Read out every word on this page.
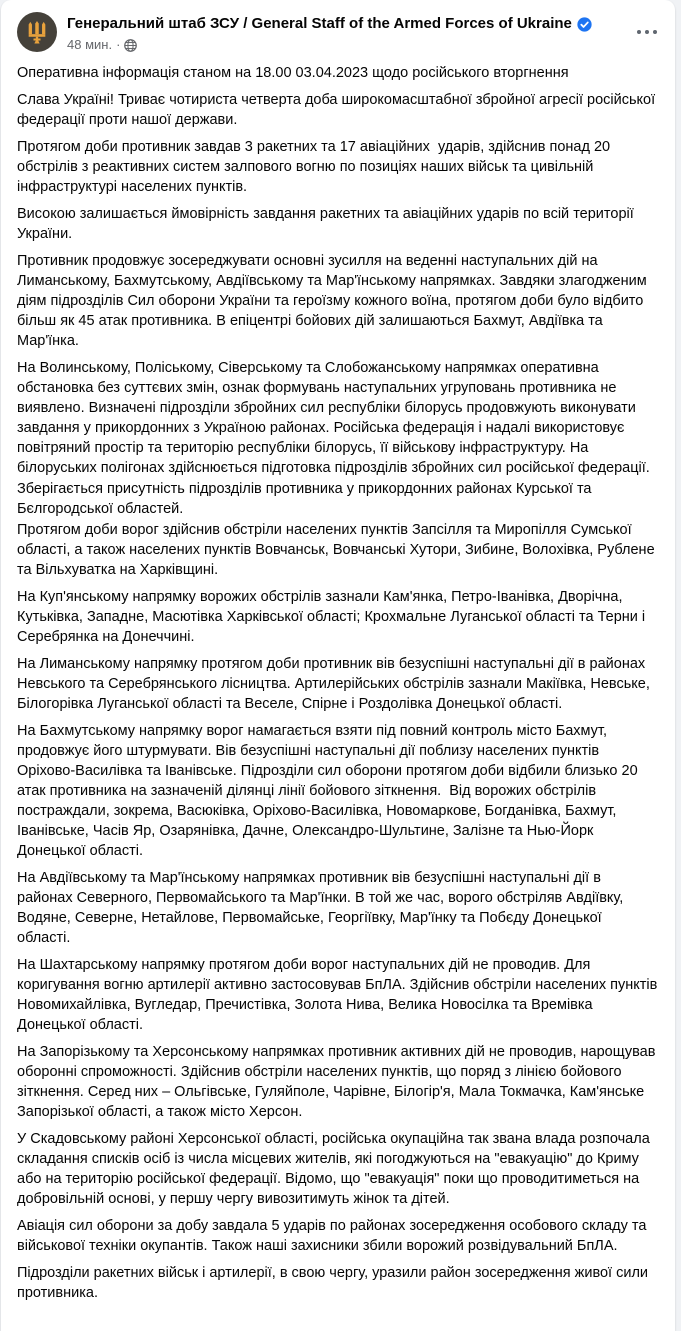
Генеральний штаб ЗСУ / General Staff of the Armed Forces of Ukraine
48 мин. ·

Оперативна інформація станом на 18.00 03.04.2023 щодо російського вторгнення

Слава Україні! Триває чотириста четверта доба широкомасштабної збройної агресії російської федерації проти нашої держави.

Протягом доби противник завдав 3 ракетних та 17 авіаційних  ударів, здійснив понад 20 обстрілів з реактивних систем залпового вогню по позиціях наших військ та цивільній інфраструктурі населених пунктів.

Високою залишається ймовірність завдання ракетних та авіаційних ударів по всій території України.

Противник продовжує зосереджувати основні зусилля на веденні наступальних дій на Лиманському, Бахмутському, Авдіївському та Мар'їнському напрямках. Завдяки злагодженим діям підрозділів Сил оборони України та героїзму кожного воїна, протягом доби було відбито більш як 45 атак противника. В епіцентрі бойових дій залишаються Бахмут, Авдіївка та Мар'їнка.

На Волинському, Поліському, Сіверському та Слобожанському напрямках оперативна обстановка без суттєвих змін, ознак формувань наступальних угруповань противника не виявлено. Визначені підрозділи збройних сил республіки білорусь продовжують виконувати завдання у прикордонних з Україною районах. Російська федерація і надалі використовує повітряний простір та територію республіки білорусь, її військову інфраструктуру. На білоруських полігонах здійснюється підготовка підрозділів збройних сил російської федерації.

Зберігається присутність підрозділів противника у прикордонних районах Курської та Бєлгородської областей.

Протягом доби ворог здійснив обстріли населених пунктів Запсілля та Миропілля Сумської області, а також населених пунктів Вовчанськ, Вовчанські Хутори, Зибине, Волохівка, Рублене та Вільхуватка на Харківщині.

На Куп'янському напрямку ворожих обстрілів зазнали Кам'янка, Петро-Іванівка, Дворічна, Кутьківка, Западне, Масютівка Харківської області; Крохмальне Луганської області та Терни і Серебрянка на Донеччині.

На Лиманському напрямку протягом доби противник вів безуспішні наступальні дії в районах Невського та Серебрянського лісництва. Артилерійських обстрілів зазнали Макіївка, Невське, Білогорівка Луганської області та Веселе, Спірне і Роздолівка Донецької області.

На Бахмутському напрямку ворог намагається взяти під повний контроль місто Бахмут, продовжує його штурмувати. Вів безуспішні наступальні дії поблизу населених пунктів Оріхово-Василівка та Іванівське. Підрозділи сил оборони протягом доби відбили близько 20 атак противника на зазначеній ділянці лінії бойового зіткнення.  Від ворожих обстрілів постраждали, зокрема, Васюківка, Оріхово-Василівка, Новомаркове, Богданівка, Бахмут, Іванівське, Часів Яр, Озарянівка, Дачне, Олександро-Шультине, Залізне та Нью-Йорк Донецької області.

На Авдіївському та Мар'їнському напрямках противник вів безуспішні наступальні дії в районах Северного, Первомайського та Мар'їнки. В той же час, ворого обстріляв Авдіївку, Водяне, Северне, Нетайлове, Первомайське, Георгіївку, Мар'їнку та Побєду Донецької області.

На Шахтарському напрямку протягом доби ворог наступальних дій не проводив. Для коригування вогню артилерії активно застосовував БпЛА. Здійснив обстріли населених пунктів Новомихайлівка, Вугледар, Пречистівка, Золота Нива, Велика Новосілка та Времівка Донецької області.

На Запорізькому та Херсонському напрямках противник активних дій не проводив, нарощував оборонні спроможності. Здійснив обстріли населених пунктів, що поряд з лінією бойового зіткнення. Серед них – Ольгівське, Гуляйполе, Чарівне, Білогір'я, Мала Токмачка, Кам'янське Запорізької області, а також місто Херсон.

У Скадовському районі Херсонської області, російська окупаційна так звана влада розпочала складання списків осіб із числа місцевих жителів, які погоджуються на "евакуацію" до Криму або на територію російської федерації. Відомо, що "евакуація" поки що проводитиметься на добровільній основі, у першу чергу вивозитимуть жінок та дітей.

Авіація сил оборони за добу завдала 5 ударів по районах зосередження особового складу та військової техніки окупантів. Також наші захисники збили ворожий розвідувальний БпЛА.

Підрозділи ракетних військ і артилерії, в свою чергу, уразили район зосередження живої сили противника.
